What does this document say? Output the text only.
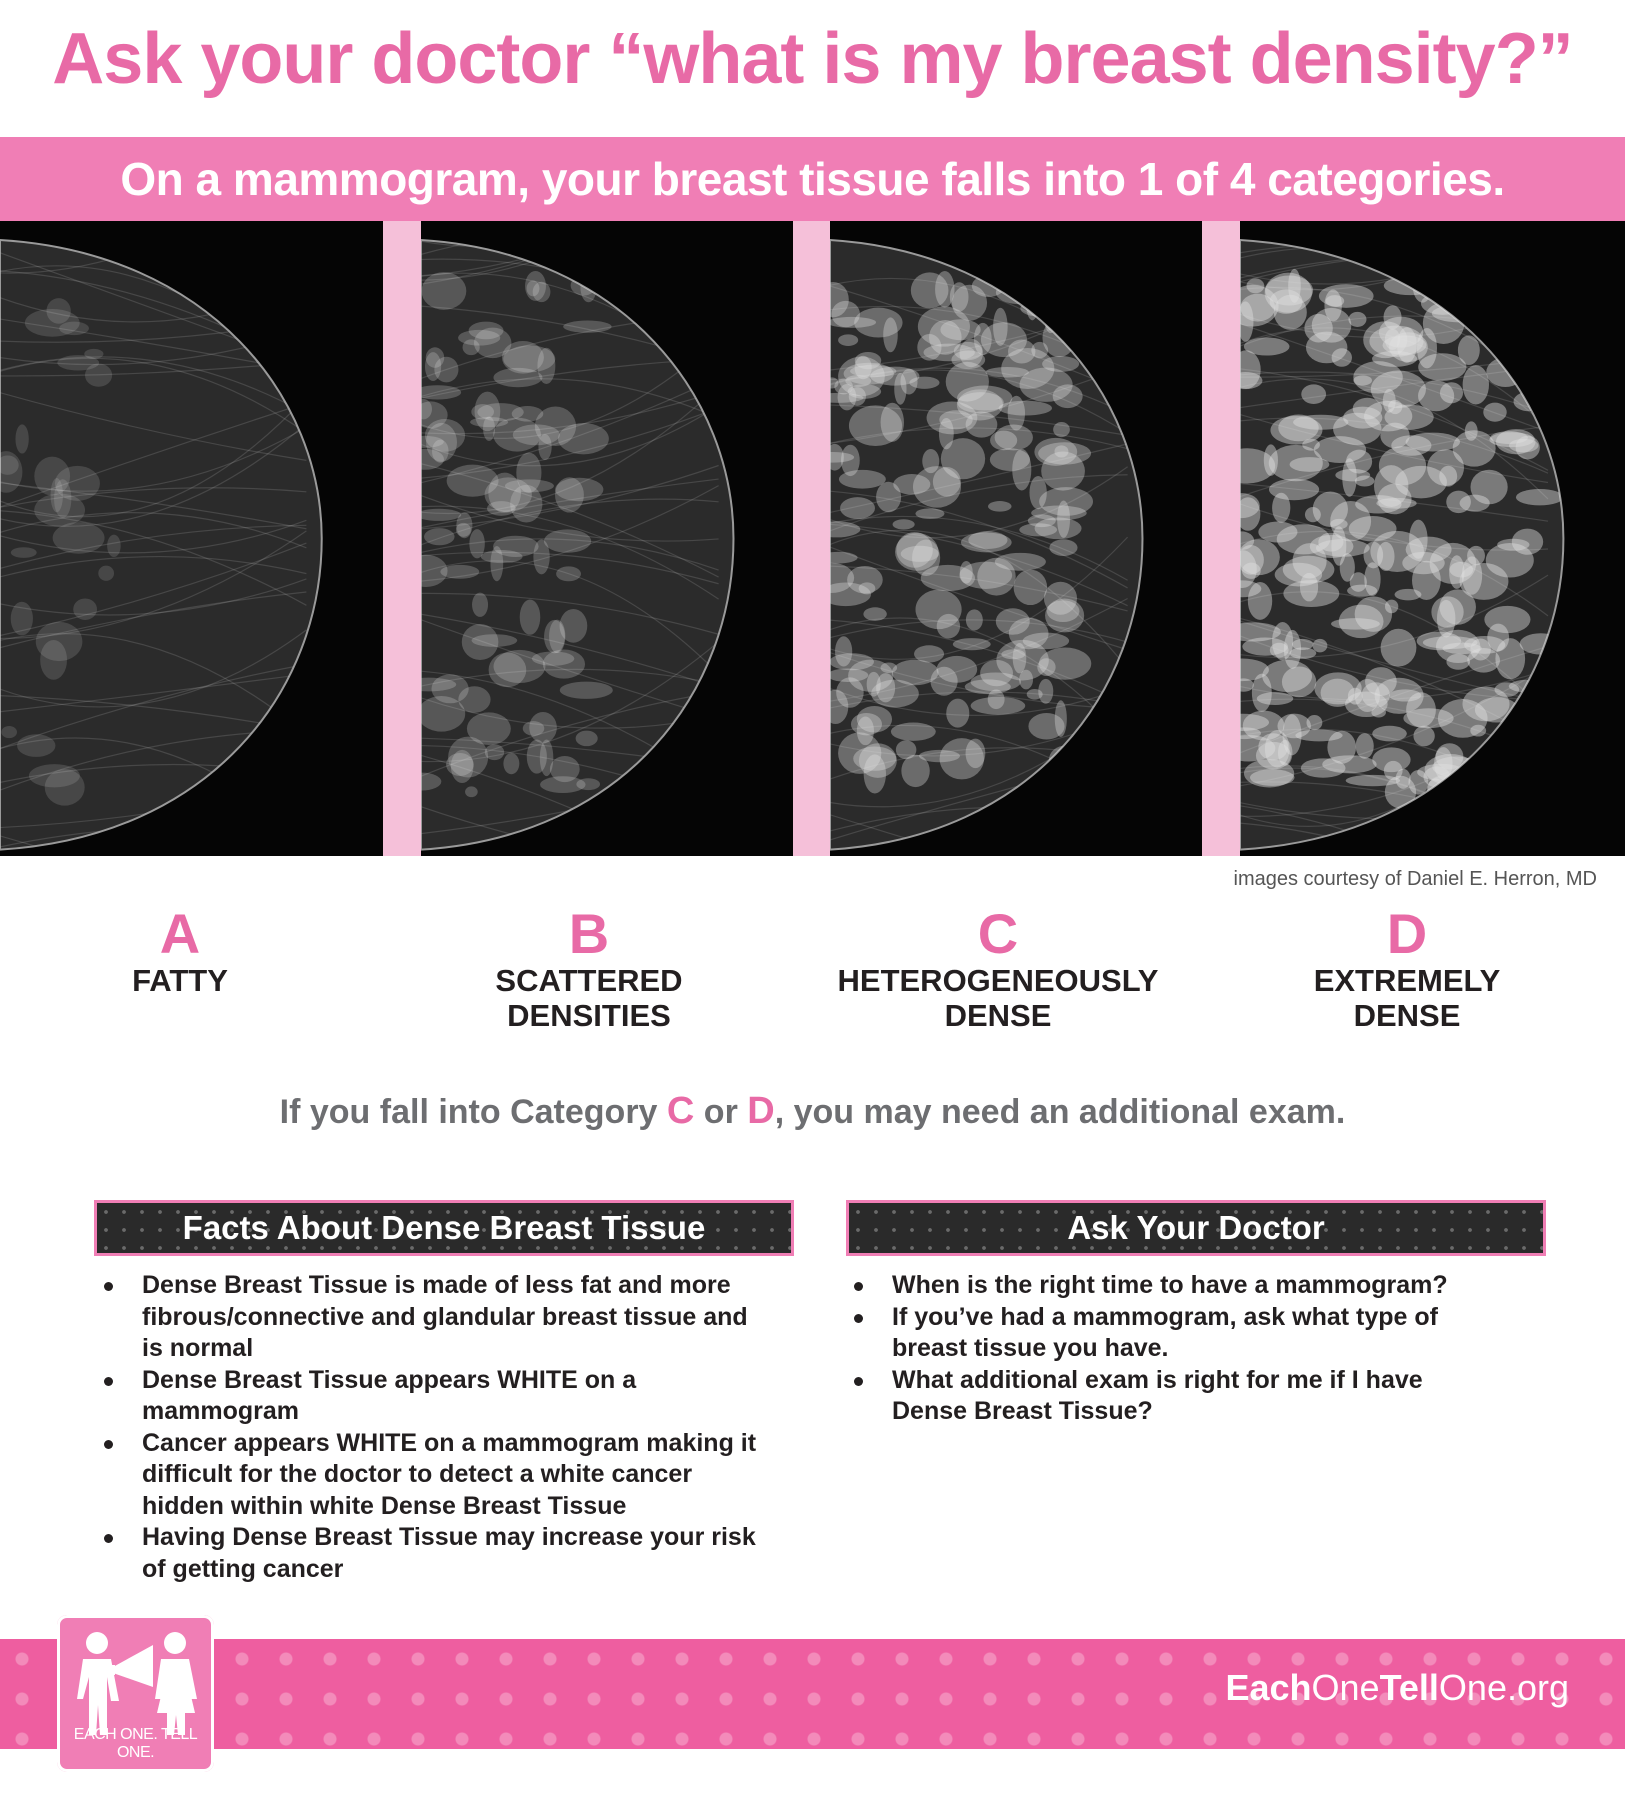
Ask your doctor “what is my breast density?”
On a mammogram, your breast tissue falls into 1 of 4 categories.
images courtesy of Daniel E. Herron, MD
A
FATTY
B
SCATTERED
DENSITIES
C
HETEROGENEOUSLY
DENSE
D
EXTREMELY
DENSE
If you fall into Category C or D, you may need an additional exam.
Facts About Dense Breast Tissue
Dense Breast Tissue is made of less fat and more fibrous/connective and glandular breast tissue and is normal
Dense Breast Tissue appears WHITE on a mammogram
Cancer appears WHITE on a mammogram making it difficult for the doctor to detect a white cancer hidden within white Dense Breast Tissue
Having Dense Breast Tissue may increase your risk of getting cancer
Ask Your Doctor
When is the right time to have a mammogram?
If you’ve had a mammogram, ask what type of breast tissue you have.
What additional exam is right for me if I have Dense Breast Tissue?
EachOneTellOne.org
EACH ONE. TELL ONE.
